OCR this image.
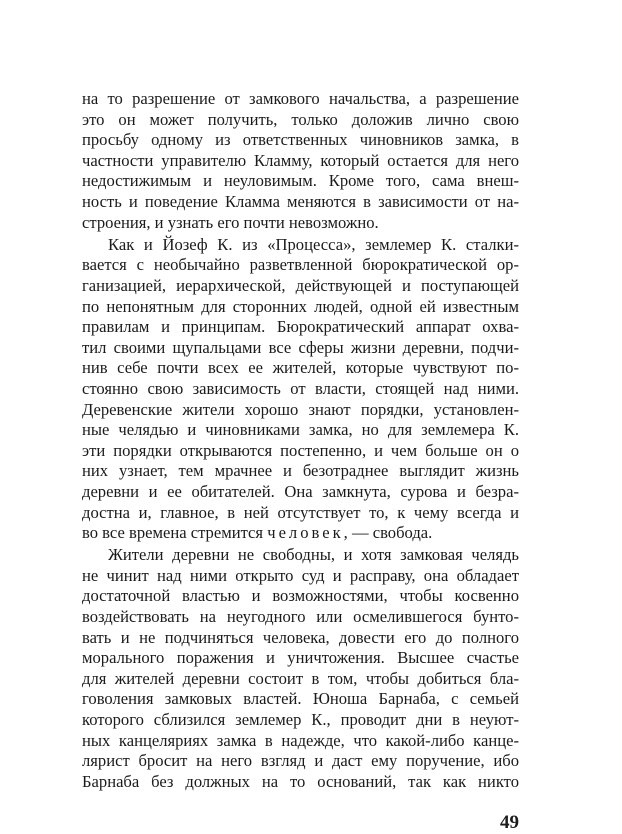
на то разрешение от замкового начальства, а разрешение
это он может получить, только доложив лично свою
просьбу одному из ответственных чиновников замка, в
частности управителю Кламму, который остается для него
недостижимым и неуловимым. Кроме того, сама внеш-
ность и поведение Кламма меняются в зависимости от на-
строения, и узнать его почти невозможно.
Как и Йозеф К. из «Процесса», землемер К. сталки-
вается с необычайно разветвленной бюрократической ор-
ганизацией, иерархической, действующей и поступающей
по непонятным для сторонних людей, одной ей известным
правилам и принципам. Бюрократический аппарат охва-
тил своими щупальцами все сферы жизни деревни, подчи-
нив себе почти всех ее жителей, которые чувствуют по-
стоянно свою зависимость от власти, стоящей над ними.
Деревенские жители хорошо знают порядки, установлен-
ные челядью и чиновниками замка, но для землемера К.
эти порядки открываются постепенно, и чем больше он о
них узнает, тем мрачнее и безотраднее выглядит жизнь
деревни и ее обитателей. Она замкнута, сурова и безра-
достна и, главное, в ней отсутствует то, к чему всегда и
во все времена стремится человек, — свобода.
Жители деревни не свободны, и хотя замковая челядь
не чинит над ними открыто суд и расправу, она обладает
достаточной властью и возможностями, чтобы косвенно
воздействовать на неугодного или осмелившегося бунто-
вать и не подчиняться человека, довести его до полного
морального поражения и уничтожения. Высшее счастье
для жителей деревни состоит в том, чтобы добиться бла-
говоления замковых властей. Юноша Барнаба, с семьей
которого сблизился землемер К., проводит дни в неуют-
ных канцеляриях замка в надежде, что какой-либо канце-
лярист бросит на него взгляд и даст ему поручение, ибо
Барнаба без должных на то оснований, так как никто
49
